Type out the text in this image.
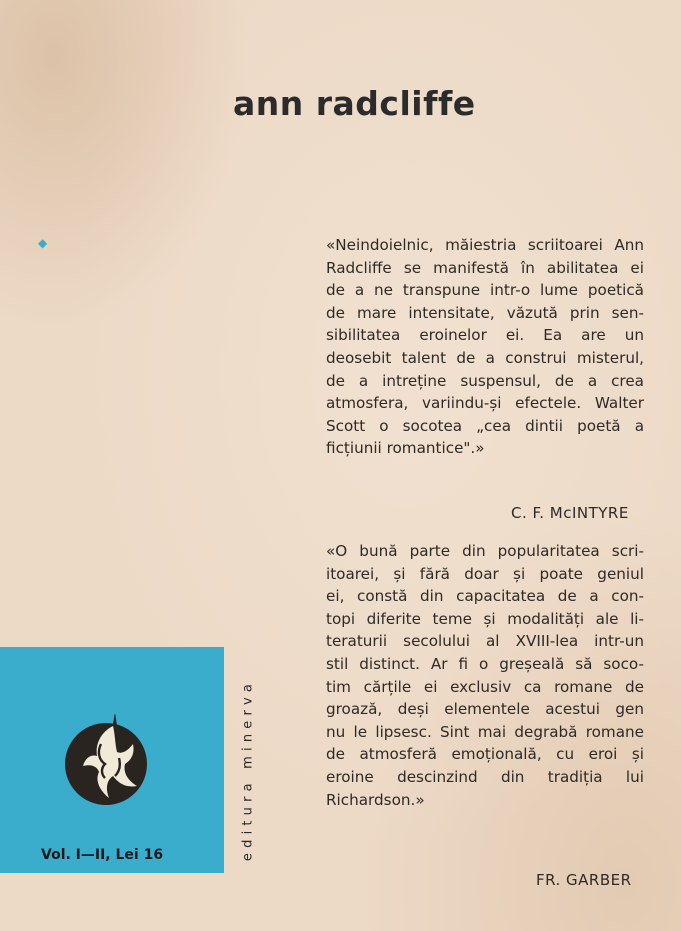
ann radcliffe
◆	«Neindoielnic, măiestria scriitoarei Ann
Radcliffe se manifestă în abilitatea ei
de a ne transpune intr-o lume poetică
de mare intensitate, văzută prin sen-
sibilitatea eroinelor ei. Ea are un
deosebit talent de a construi misterul,
de a intreține suspensul, de a crea
atmosfera, variindu-și efectele. Walter
Scott o socotea „cea dintii poetă a
ficțiunii romantice".»
C. F. McINTYRE
«O bună parte din popularitatea scri-
itoarei, și fără doar și poate geniul
ei, constă din capacitatea de a con-
topi diferite teme și modalități ale li-
teraturii secolului al XVIII-lea intr-un
stil distinct. Ar fi o greșeală să soco-
tim cărțile ei exclusiv ca romane de
groază, deși elementele acestui gen
nu le lipsesc. Sint mai degrabă romane
de atmosferă emoțională, cu eroi și
eroine descinzind din tradiția lui
Richardson.»
FR. GARBER
Vol. I—II, Lei 16	editura minerva
